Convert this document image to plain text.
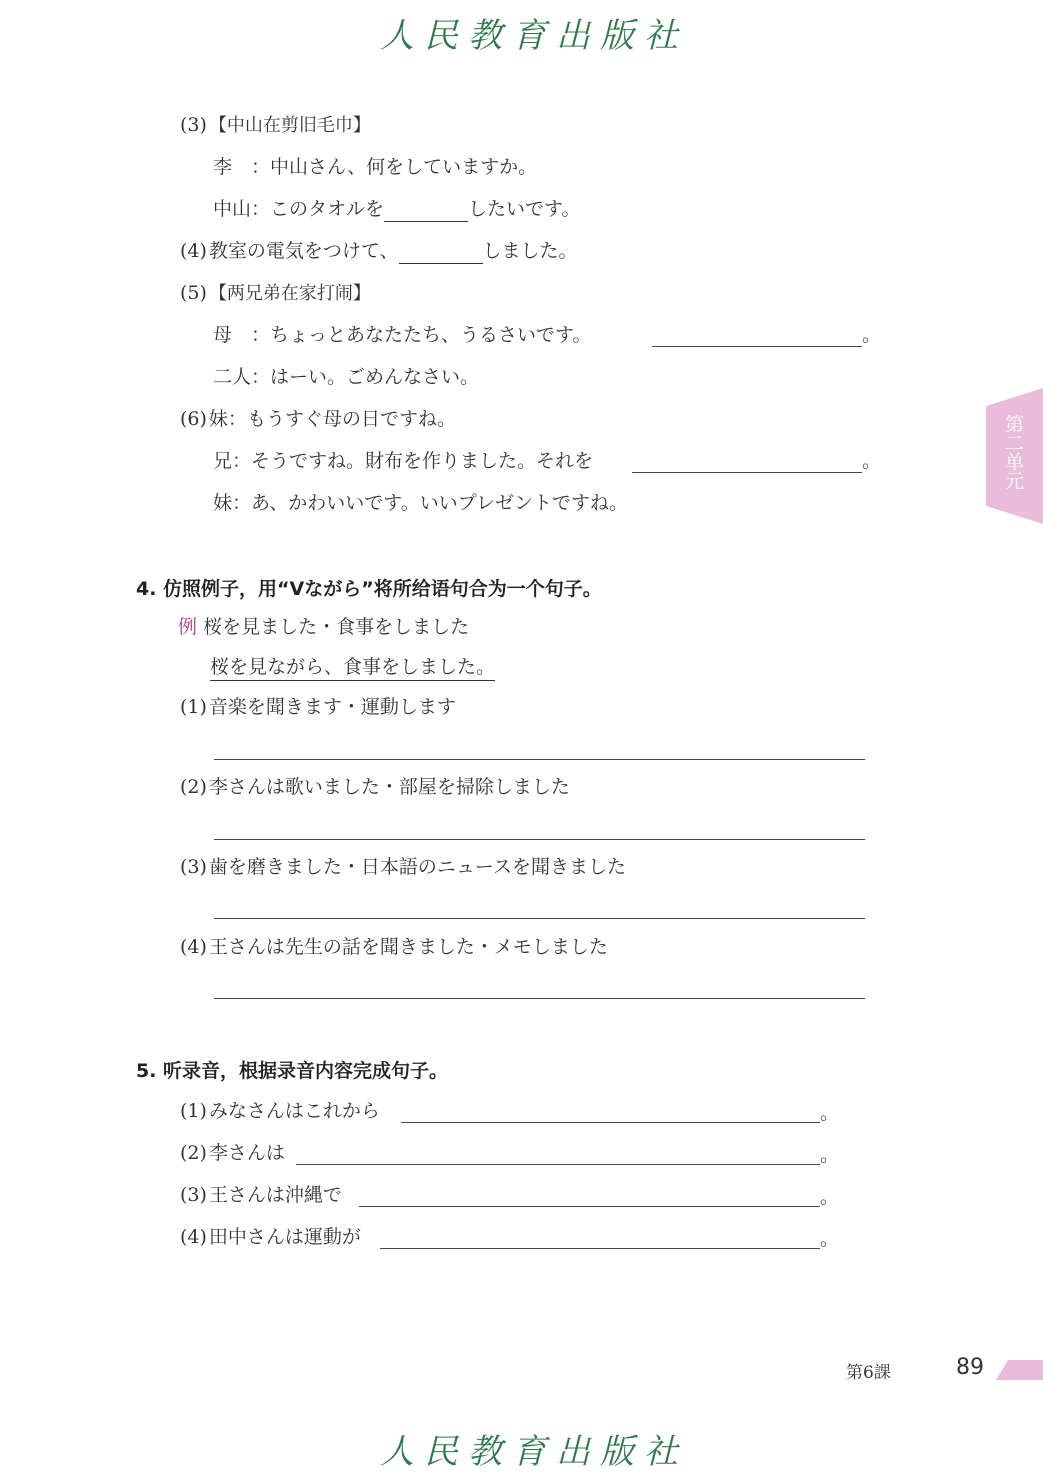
人民教育出版社
第二单元
(3) 【中山在剪旧毛巾】
李　：中山さん、何をしていますか。
中山：このタオルを	したいです。
(4) 教室の電気をつけて、	しました。
(5) 【两兄弟在家打闹】
母　：ちょっとあなたたち、うるさいです。	。
二人：はーい。ごめんなさい。
(6) 妹：もうすぐ母の日ですね。
兄：そうですね。財布を作りました。それを	。
妹：あ、かわいいです。いいプレゼントですね。
4. 仿照例子，用“Vながら”将所给语句合为一个句子。
例 桜を見ました・食事をしました
桜を見ながら、食事をしました。
(1) 音楽を聞きます・運動します
(2) 李さんは歌いました・部屋を掃除しました
(3) 歯を磨きました・日本語のニュースを聞きました
(4) 王さんは先生の話を聞きました・メモしました
5. 听录音，根据录音内容完成句子。
(1) みなさんはこれから	。
(2) 李さんは	。
(3) 王さんは沖縄で	。
(4) 田中さんは運動が	。
第6課	89
人民教育出版社
